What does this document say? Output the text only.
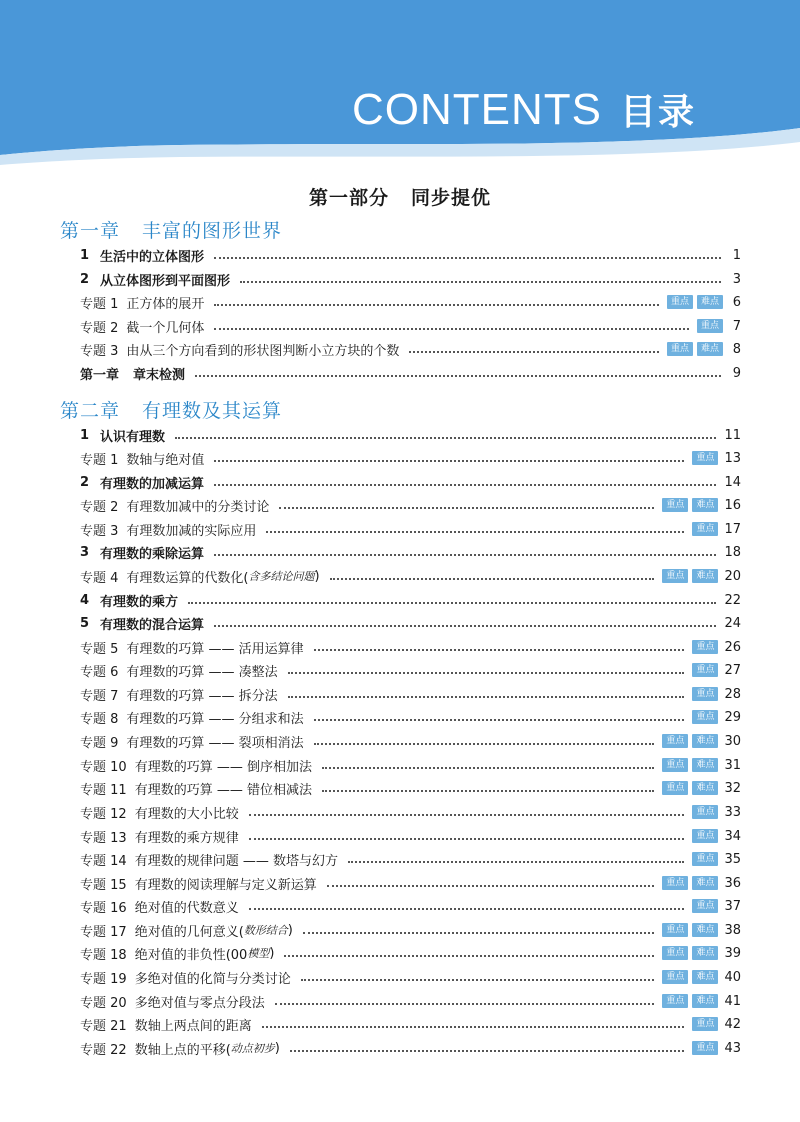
CONTENTS 目录
第一部分 同步提优
第一章 丰富的图形世界
第二章 有理数及其运算
1 生活中的立体图形	1
2 从立体图形到平面图形	3
专题 1 正方体的展开	重点	难点	6
专题 2 截一个几何体	重点	7
专题 3 由从三个方向看到的形状图判断小立方块的个数	重点	难点	8
第一章 章末检测	9
1 认识有理数	11
专题 1 数轴与绝对值	重点 13
2 有理数的加减运算	14
专题 2 有理数加减中的分类讨论	重点	难点 16
专题 3 有理数加减的实际应用	重点 17
3 有理数的乘除运算	18
专题 4 有理数运算的代数化( 含多结论问题 )	重点	难点 20
4 有理数的乘方	22
5 有理数的混合运算	24
专题 5 有理数的巧算 —— 活用运算律	重点 26
专题 6 有理数的巧算 —— 凑整法	重点 27
专题 7 有理数的巧算 —— 拆分法	重点 28
专题 8 有理数的巧算 —— 分组求和法	重点 29
专题 9 有理数的巧算 —— 裂项相消法	重点	难点 30
专题 10 有理数的巧算 —— 倒序相加法	重点	难点 31
专题 11 有理数的巧算 —— 错位相减法	重点	难点 32
专题 12 有理数的大小比较	重点 33
专题 13 有理数的乘方规律	重点 34
专题 14 有理数的规律问题 —— 数塔与幻方	重点 35
专题 15 有理数的阅读理解与定义新运算	重点	难点 36
专题 16 绝对值的代数意义	重点 37
专题 17 绝对值的几何意义( 数形结合 )	重点	难点 38
专题 18 绝对值的非负性(00 模型 )	重点	难点 39
专题 19 多绝对值的化简与分类讨论	重点	难点 40
专题 20 多绝对值与零点分段法	重点	难点 41
专题 21 数轴上两点间的距离	重点 42
专题 22 数轴上点的平移( 动点初步 )	重点 43
